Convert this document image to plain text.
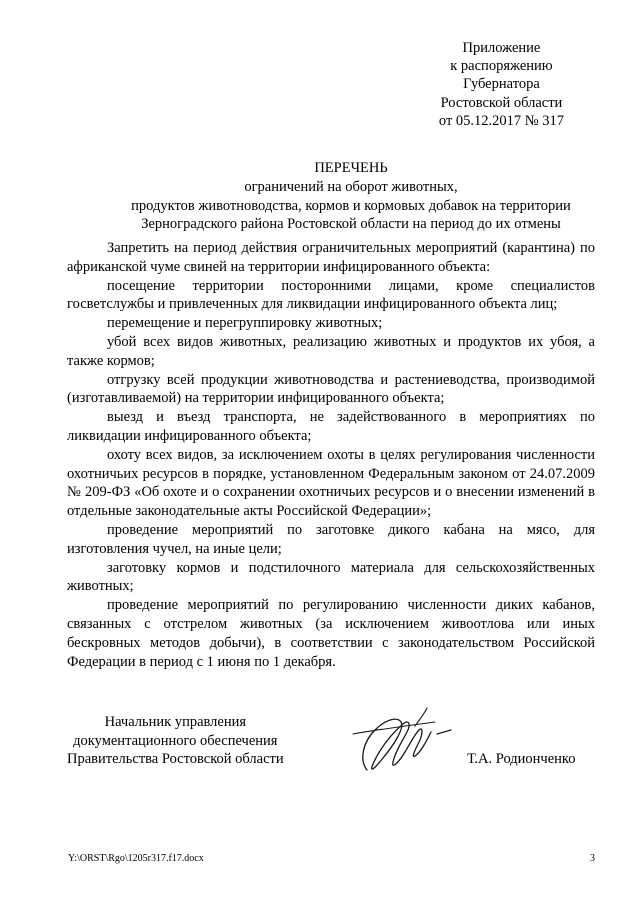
Приложение
к распоряжению
Губернатора
Ростовской области
от 05.12.2017 № 317
ПЕРЕЧЕНЬ
ограничений на оборот животных,
продуктов животноводства, кормов и кормовых добавок на территории
Зерноградского района Ростовской области на период до их отмены

Запретить на период действия ограничительных мероприятий (карантина) по африканской чуме свиней на территории инфицированного объекта:

посещение территории посторонними лицами, кроме специалистов госветслужбы и привлеченных для ликвидации инфицированного объекта лиц;

перемещение и перегруппировку животных;

убой всех видов животных, реализацию животных и продуктов их убоя, а также кормов;

отгрузку всей продукции животноводства и растениеводства, производимой (изготавливаемой) на территории инфицированного объекта;

выезд и въезд транспорта, не задействованного в мероприятиях по ликвидации инфицированного объекта;

охоту всех видов, за исключением охоты в целях регулирования численности охотничьих ресурсов в порядке, установленном Федеральным законом от 24.07.2009 № 209-ФЗ «Об охоте и о сохранении охотничьих ресурсов и о внесении изменений в отдельные законодательные акты Российской Федерации»;

проведение мероприятий по заготовке дикого кабана на мясо, для изготовления чучел, на иные цели;

заготовку кормов и подстилочного материала для сельскохозяйственных животных;

проведение мероприятий по регулированию численности диких кабанов, связанных с отстрелом животных (за исключением живоотлова или иных бескровных методов добычи), в соответствии с законодательством Российской Федерации в период с 1 июня по 1 декабря.

Начальник управления
документационного обеспечения
Правительства Ростовской области	Т.А. Родионченко
Y:\ORST\Rgo\1205r317.f17.docx	3
